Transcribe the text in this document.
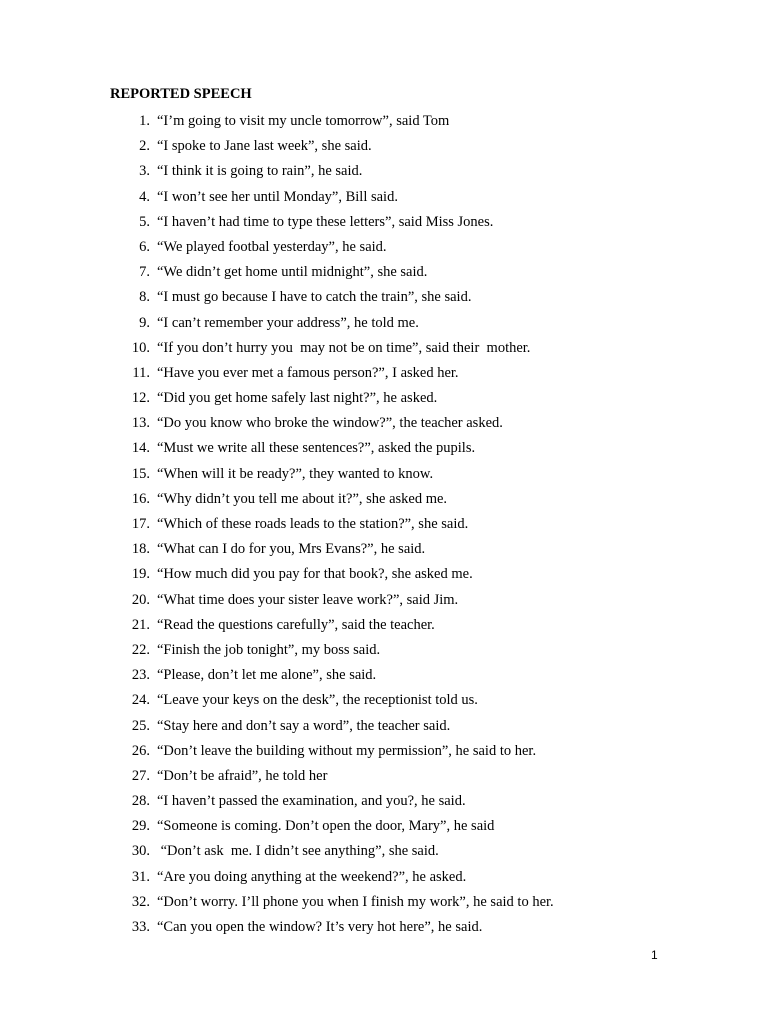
REPORTED SPEECH
1. “I’m going to visit my uncle tomorrow”, said Tom
2. “I spoke to Jane last week”, she said.
3. “I think it is going to rain”, he said.
4. “I won’t see her until Monday”, Bill said.
5. “I haven’t had time to type these letters”, said Miss Jones.
6. “We played footbal yesterday”, he said.
7. “We didn’t get home until midnight”, she said.
8. “I must go because I have to catch the train”, she said.
9. “I can’t remember your address”, he told me.
10. “If you don’t hurry you  may not be on time”, said their  mother.
11. “Have you ever met a famous person?”, I asked her.
12. “Did you get home safely last night?”, he asked.
13. “Do you know who broke the window?”, the teacher asked.
14. “Must we write all these sentences?”, asked the pupils.
15. “When will it be ready?”, they wanted to know.
16. “Why didn’t you tell me about it?”, she asked me.
17. “Which of these roads leads to the station?”, she said.
18. “What can I do for you, Mrs Evans?”, he said.
19. “How much did you pay for that book?, she asked me.
20. “What time does your sister leave work?”, said Jim.
21. “Read the questions carefully”, said the teacher.
22. “Finish the job tonight”, my boss said.
23. “Please, don’t let me alone”, she said.
24. “Leave your keys on the desk”, the receptionist told us.
25. “Stay here and don’t say a word”, the teacher said.
26. “Don’t leave the building without my permission”, he said to her.
27. “Don’t be afraid”, he told her
28. “I haven’t passed the examination, and you?, he said.
29. “Someone is coming. Don’t open the door, Mary”, he said
30. “Don’t ask  me. I didn’t see anything”, she said.
31. “Are you doing anything at the weekend?”, he asked.
32. “Don’t worry. I’ll phone you when I finish my work”, he said to her.
33. “Can you open the window? It’s very hot here”, he said.
1
